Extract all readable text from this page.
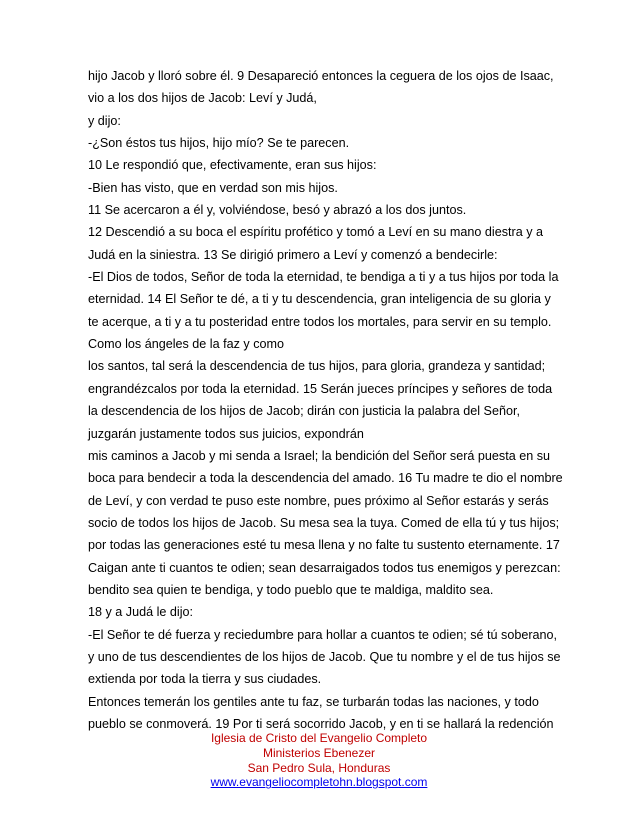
hijo Jacob y lloró sobre él. 9 Desapareció entonces la ceguera de los ojos de Isaac,
vio a los dos hijos de Jacob: Leví y Judá,
y dijo:
-¿Son éstos tus hijos, hijo mío? Se te parecen.
10 Le respondió que, efectivamente, eran sus hijos:
-Bien has visto, que en verdad son mis hijos.
11 Se acercaron a él y, volviéndose, besó y abrazó a los dos juntos.
12 Descendió a su boca el espíritu profético y tomó a Leví en su mano diestra y a
Judá en la siniestra. 13 Se dirigió primero a Leví y comenzó a bendecirle:
-El Dios de todos, Señor de toda la eternidad, te bendiga a ti y a tus hijos por toda la
eternidad. 14 El Señor te dé, a ti y tu descendencia, gran inteligencia de su gloria y
te acerque, a ti y a tu posteridad entre todos los mortales, para servir en su templo.
Como los ángeles de la faz y como
los santos, tal será la descendencia de tus hijos, para gloria, grandeza y santidad;
engrandézcalos por toda la eternidad. 15 Serán jueces príncipes y señores de toda
la descendencia de los hijos de Jacob; dirán con justicia la palabra del Señor,
juzgarán justamente todos sus juicios, expondrán
mis caminos a Jacob y mi senda a Israel; la bendición del Señor será puesta en su
boca para bendecir a toda la descendencia del amado. 16 Tu madre te dio el nombre
de Leví, y con verdad te puso este nombre, pues próximo al Señor estarás y serás
socio de todos los hijos de Jacob. Su mesa sea la tuya. Comed de ella tú y tus hijos;
por todas las generaciones esté tu mesa llena y no falte tu sustento eternamente. 17
Caigan ante ti cuantos te odien; sean desarraigados todos tus enemigos y perezcan:
bendito sea quien te bendiga, y todo pueblo que te maldiga, maldito sea.
18 y a Judá le dijo:
-El Señor te dé fuerza y reciedumbre para hollar a cuantos te odien; sé tú soberano,
y uno de tus descendientes de los hijos de Jacob. Que tu nombre y el de tus hijos se
extienda por toda la tierra y sus ciudades.
Entonces temerán los gentiles ante tu faz, se turbarán todas las naciones, y todo
pueblo se conmoverá. 19 Por ti será socorrido Jacob, y en ti se hallará la redención
Iglesia de Cristo del Evangelio Completo
Ministerios Ebenezer
San Pedro Sula, Honduras
www.evangeliocompletohn.blogspot.com
